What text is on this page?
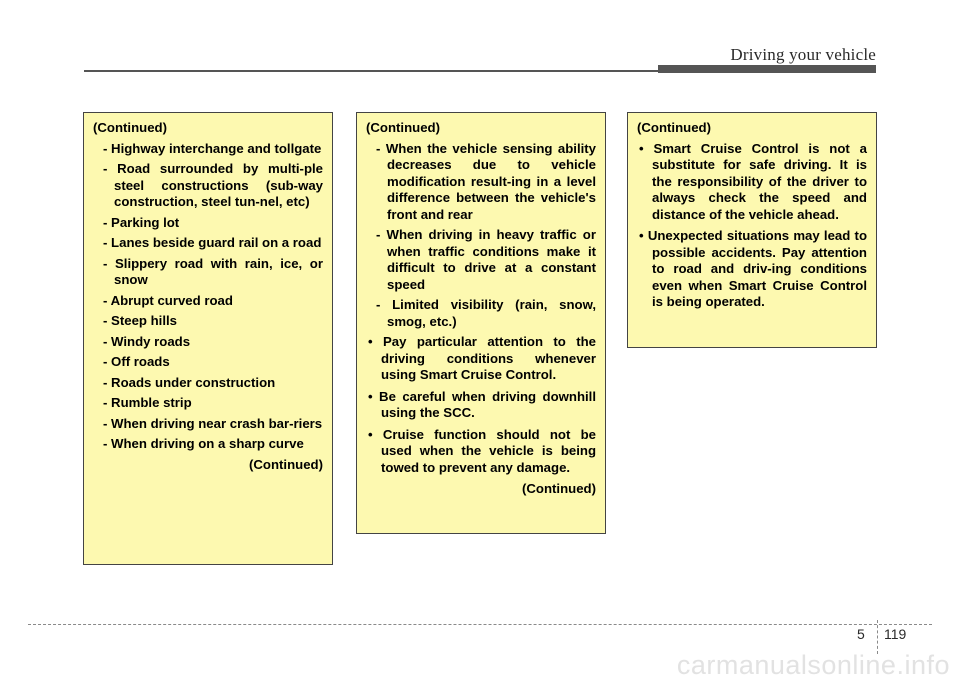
Driving your vehicle
(Continued)
- Highway interchange and tollgate
- Road surrounded by multi-ple steel constructions (sub-way construction, steel tun-nel, etc)
- Parking lot
- Lanes beside guard rail on a road
- Slippery road with rain, ice, or snow
- Abrupt curved road
- Steep hills
- Windy roads
- Off roads
- Roads under construction
- Rumble strip
- When driving near crash bar-riers
- When driving on a sharp curve
(Continued)
(Continued)
- When the vehicle sensing ability decreases due to vehicle modification result-ing in a level difference between the vehicle's front and rear
- When driving in heavy traffic or when traffic conditions make it difficult to drive at a constant speed
- Limited visibility (rain, snow, smog, etc.)
• Pay particular attention to the driving conditions whenever using Smart Cruise Control.
• Be careful when driving downhill using the SCC.
• Cruise function should not be used when the vehicle is being towed to prevent any damage.
(Continued)
(Continued)
• Smart Cruise Control is not a substitute for safe driving. It is the responsibility of the driver to always check the speed and distance of the vehicle ahead.
• Unexpected situations may lead to possible accidents. Pay attention to road and driv-ing conditions even when Smart Cruise Control is being operated.
5 119
carmanualsonline.info
